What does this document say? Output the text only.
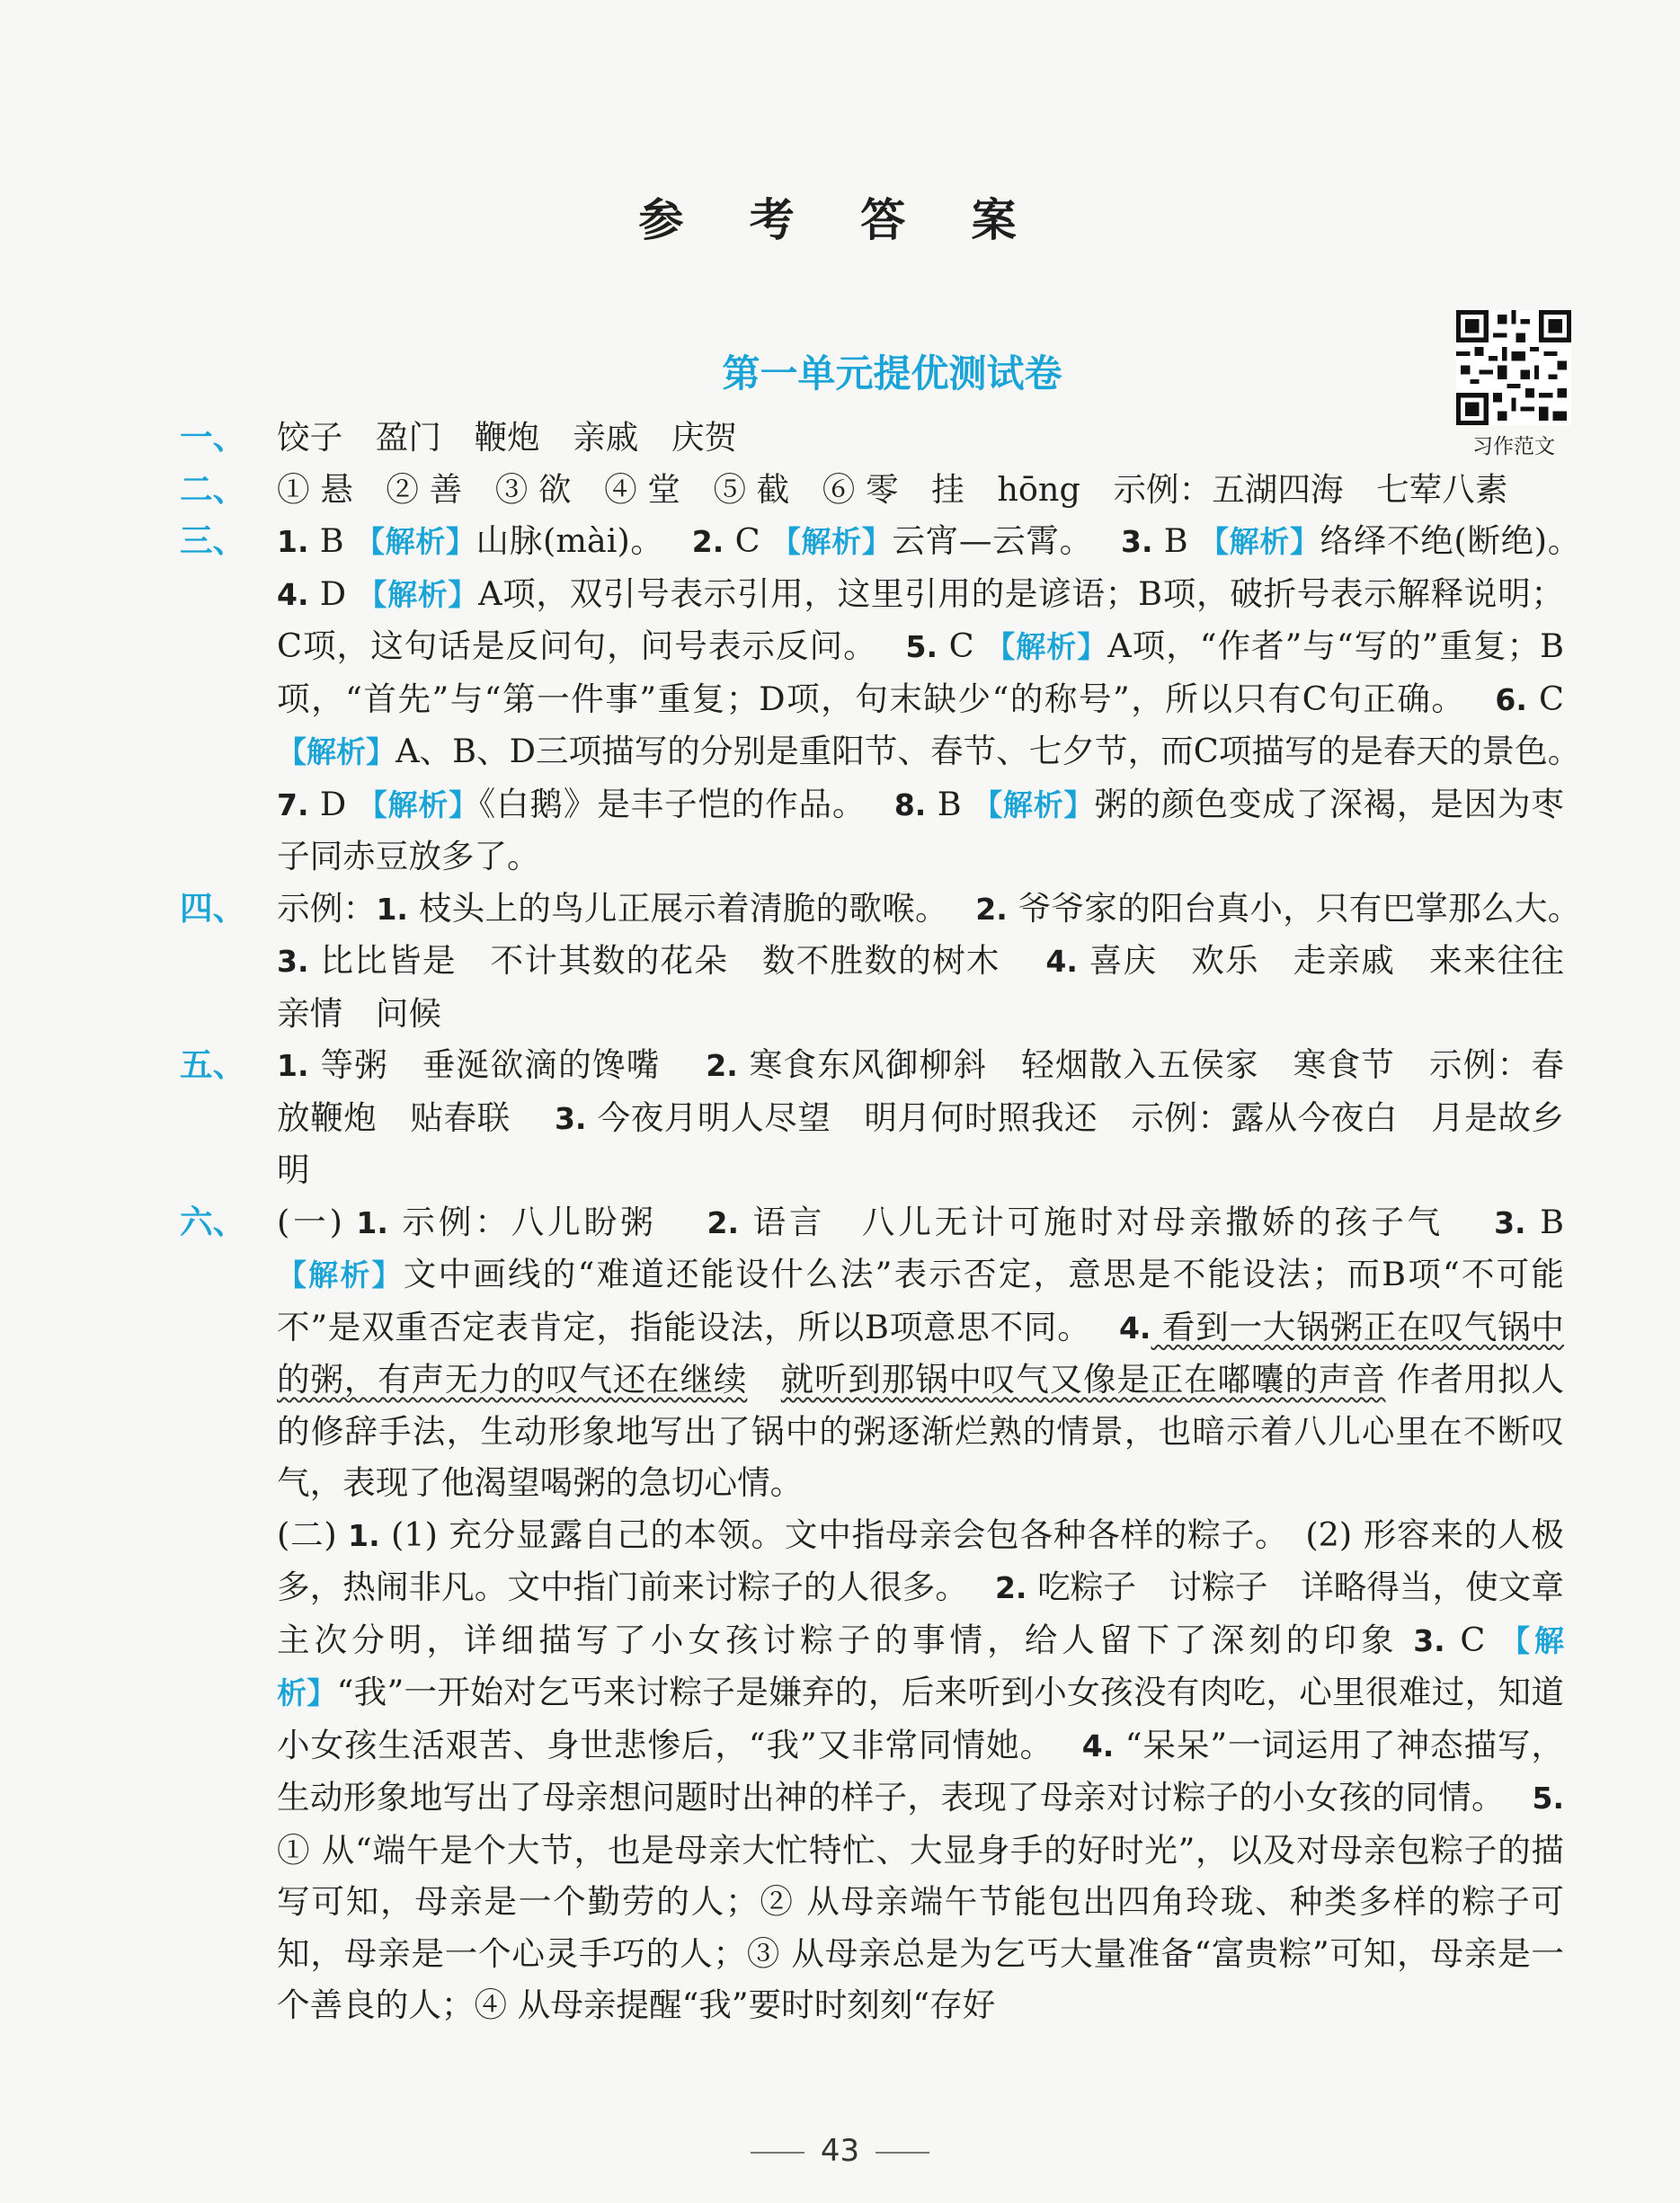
参 考 答 案
第一单元提优测试卷
习作范文
一、 饺子　盈门　鞭炮　亲戚　庆贺
二、 ① 悬　② 善　③ 欲　④ 堂　⑤ 截　⑥ 零　挂　hōng　示例：五湖四海　七荤八素
三、 1. B 【解析】山脉(mài)。　 2. C 【解析】云宵—云霄。　 3. B 【解析】络绎不绝(断绝)。　 4. D 【解析】A项，双引号表示引用，这里引用的是谚语；B项，破折号表示解释说明；C项，这句话是反问句，问号表示反问。　 5. C 【解析】A项，“作者”与“写的”重复；B项，“首先”与“第一件事”重复；D项，句末缺少“的称号”，所以只有C句正确。　 6. C 【解析】A、B、D三项描写的分别是重阳节、春节、七夕节，而C项描写的是春天的景色。　 7. D 【解析】《白鹅》是丰子恺的作品。　 8. B 【解析】粥的颜色变成了深褐，是因为枣子同赤豆放多了。
四、 示例：1. 枝头上的鸟儿正展示着清脆的歌喉。　 2. 爷爷家的阳台真小，只有巴掌那么大。　 3. 比比皆是　不计其数的花朵　数不胜数的树木　 4. 喜庆　欢乐　走亲戚　来来往往　亲情　问候
五、 1. 等粥　垂涎欲滴的馋嘴　 2. 寒食东风御柳斜　轻烟散入五侯家　寒食节　示例：春　放鞭炮　贴春联　 3. 今夜月明人尽望　明月何时照我还　示例：露从今夜白　月是故乡明
六、 (一) 1. 示例：八儿盼粥　 2. 语言　八儿无计可施时对母亲撒娇的孩子气　 3. B 【解析】文中画线的“难道还能设什么法”表示否定，意思是不能设法；而B项“不可能不”是双重否定表肯定，指能设法，所以B项意思不同。　 4. 看到一大锅粥正在叹气锅中的粥，有声无力的叹气还在继续　 就听到那锅中叹气又像是正在嘟囔的声音 作者用拟人的修辞手法，生动形象地写出了锅中的粥逐渐烂熟的情景，也暗示着八儿心里在不断叹气，表现了他渴望喝粥的急切心情。
(二) 1. (1) 充分显露自己的本领。文中指母亲会包各种各样的粽子。　(2) 形容来的人极多，热闹非凡。文中指门前来讨粽子的人很多。　 2. 吃粽子　讨粽子　详略得当，使文章主次分明，详细描写了小女孩讨粽子的事情，给人留下了深刻的印象 3. C 【解析】“我”一开始对乞丐来讨粽子是嫌弃的，后来听到小女孩没有肉吃，心里很难过，知道小女孩生活艰苦、身世悲惨后，“我”又非常同情她。　 4. “呆呆”一词运用了神态描写，生动形象地写出了母亲想问题时出神的样子，表现了母亲对讨粽子的小女孩的同情。　 5. ① 从“端午是个大节，也是母亲大忙特忙、大显身手的好时光”，以及对母亲包粽子的描写可知，母亲是一个勤劳的人；② 从母亲端午节能包出四角玲珑、种类多样的粽子可知，母亲是一个心灵手巧的人；③ 从母亲总是为乞丐大量准备“富贵粽”可知，母亲是一个善良的人；④ 从母亲提醒“我”要时时刻刻“存好
43
